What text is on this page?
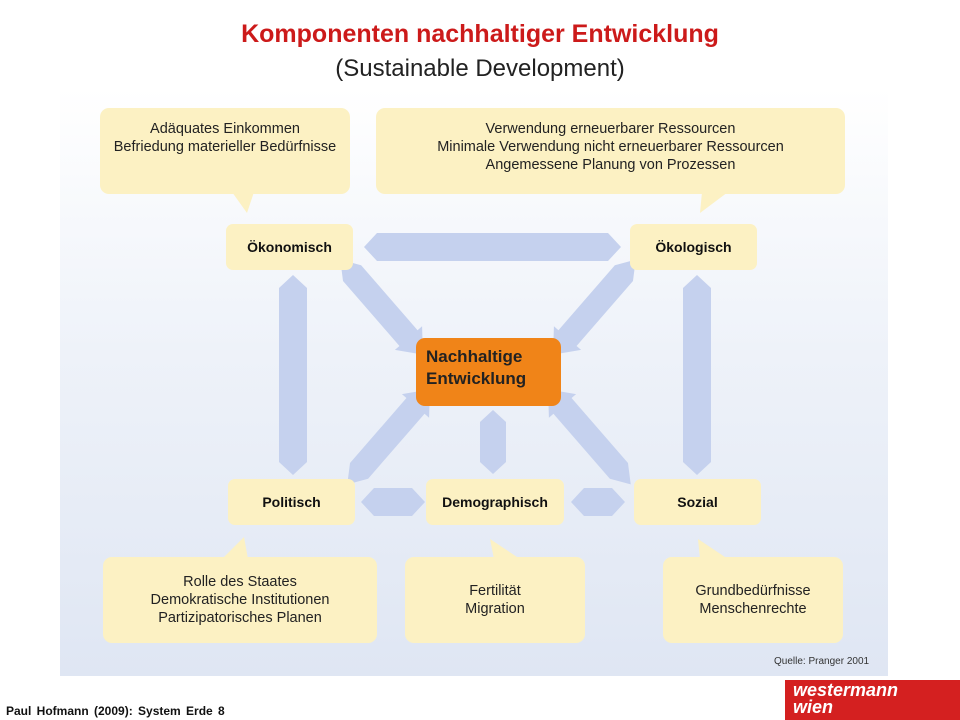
Komponenten nachhaltiger Entwicklung
(Sustainable Development)
Adäquates Einkommen
Befriedung materieller Bedürfnisse
Verwendung erneuerbarer Ressourcen
Minimale Verwendung nicht erneuerbarer Ressourcen
Angemessene Planung von Prozessen
Rolle des Staates
Demokratische Institutionen
Partizipatorisches Planen
Fertilität
Migration
Grundbedürfnisse
Menschenrechte
Ökonomisch	Ökologisch
Politisch	Demographisch	Sozial
Nachhaltige
Entwicklung
Quelle: Pranger 2001
Paul Hofmann (2009): System Erde 8
westermann
wien
